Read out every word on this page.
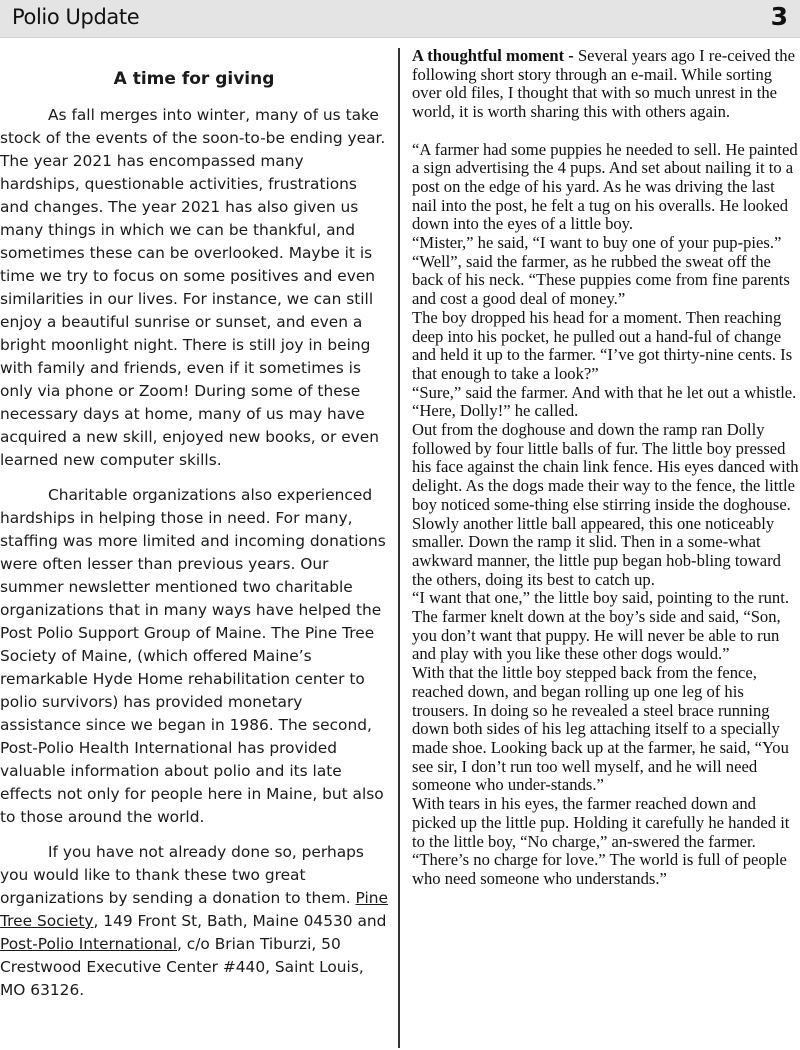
Polio Update	3
A time for giving

As fall merges into winter, many of us take stock of the events of the soon-to-be ending year. The year 2021 has encompassed many hardships, questionable activities, frustrations and changes. The year 2021 has also given us many things in which we can be thankful, and sometimes these can be overlooked. Maybe it is time we try to focus on some positives and even similarities in our lives. For instance, we can still enjoy a beautiful sunrise or sunset, and even a bright moonlight night. There is still joy in being with family and friends, even if it sometimes is only via phone or Zoom! During some of these necessary days at home, many of us may have acquired a new skill, enjoyed new books, or even learned new computer skills.

Charitable organizations also experienced hardships in helping those in need. For many, staffing was more limited and incoming donations were often lesser than previous years. Our summer newsletter mentioned two charitable organizations that in many ways have helped the Post Polio Support Group of Maine. The Pine Tree Society of Maine, (which offered Maine’s remarkable Hyde Home rehabilitation center to polio survivors) has provided monetary assistance since we began in 1986. The second, Post-Polio Health International has provided valuable information about polio and its late effects not only for people here in Maine, but also to those around the world.

If you have not already done so, perhaps you would like to thank these two great organizations by sending a donation to them. Pine Tree Society, 149 Front St, Bath, Maine 04530 and Post-Polio International, c/o Brian Tiburzi, 50 Crestwood Executive Center #440, Saint Louis, MO 63126.

A thoughtful moment - Several years ago I re-ceived the following short story through an e-mail. While sorting over old files, I thought that with so much unrest in the world, it is worth sharing this with others again.

“A farmer had some puppies he needed to sell. He painted a sign advertising the 4 pups. And set about nailing it to a post on the edge of his yard. As he was driving the last nail into the post, he felt a tug on his overalls. He looked down into the eyes of a little boy.

“Mister,” he said, “I want to buy one of your pup-pies.”

“Well”, said the farmer, as he rubbed the sweat off the back of his neck. “These puppies come from fine parents and cost a good deal of money.”

The boy dropped his head for a moment. Then reaching deep into his pocket, he pulled out a hand-ful of change and held it up to the farmer. “I’ve got thirty-nine cents. Is that enough to take a look?”

“Sure,” said the farmer. And with that he let out a whistle. “Here, Dolly!” he called.

Out from the doghouse and down the ramp ran Dolly followed by four little balls of fur. The little boy pressed his face against the chain link fence. His eyes danced with delight. As the dogs made their way to the fence, the little boy noticed some-thing else stirring inside the doghouse. Slowly another little ball appeared, this one noticeably smaller. Down the ramp it slid. Then in a some-what awkward manner, the little pup began hob-bling toward the others, doing its best to catch up.

“I want that one,” the little boy said, pointing to the runt.

The farmer knelt down at the boy’s side and said, “Son, you don’t want that puppy. He will never be able to run and play with you like these other dogs would.”

With that the little boy stepped back from the fence, reached down, and began rolling up one leg of his trousers. In doing so he revealed a steel brace running down both sides of his leg attaching itself to a specially made shoe. Looking back up at the farmer, he said, “You see sir, I don’t run too well myself, and he will need someone who under-stands.”

With tears in his eyes, the farmer reached down and picked up the little pup. Holding it carefully he handed it to the little boy, “No charge,” an-swered the farmer. “There’s no charge for love.” The world is full of people who need someone who understands.”
